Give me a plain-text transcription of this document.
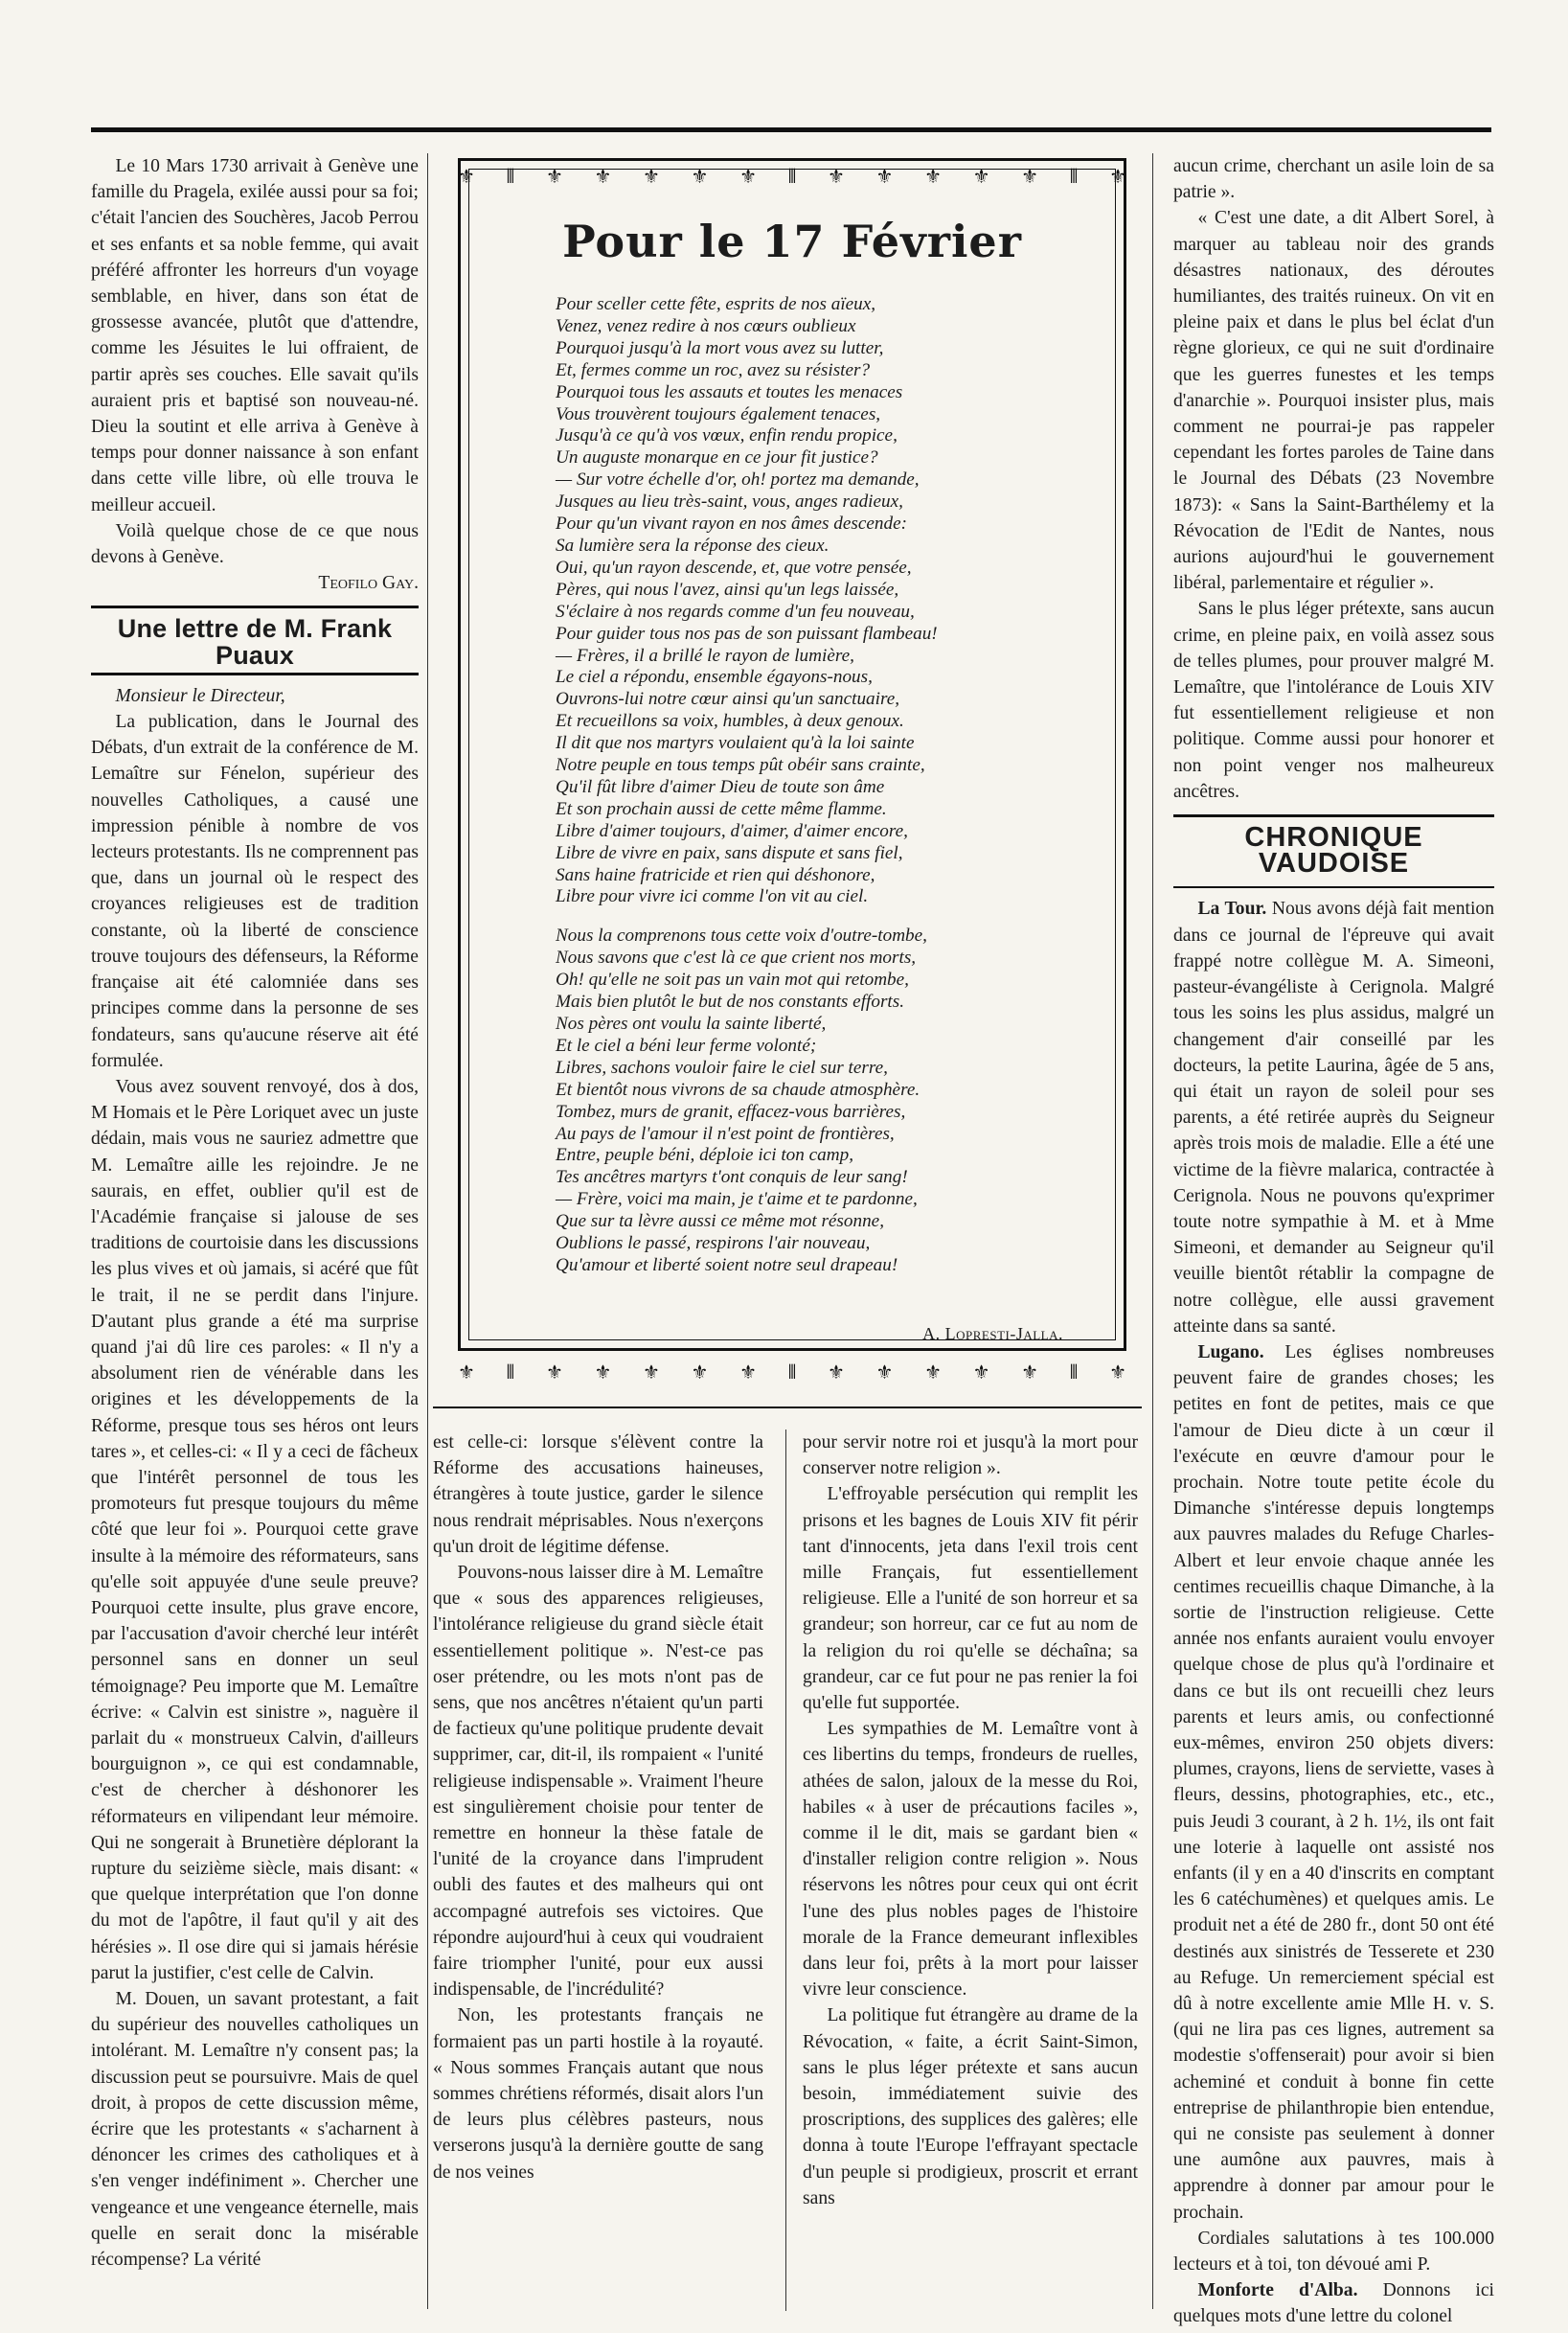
Le 10 Mars 1730 arrivait à Genève une famille du Pragela, exilée aussi pour sa foi; c'était l'ancien des Souchères, Jacob Perrou et ses enfants et sa noble femme, qui avait préféré affronter les horreurs d'un voyage semblable, en hiver, dans son état de grossesse avancée, plutôt que d'attendre, comme les Jésuites le lui offraient, de partir après ses couches. Elle savait qu'ils auraient pris et baptisé son nouveau-né. Dieu la soutint et elle arriva à Genève à temps pour donner naissance à son enfant dans cette ville libre, où elle trouva le meilleur accueil.

Voilà quelque chose de ce que nous devons à Genève.

Teofilo Gay.
Une lettre de M. Frank Puaux

Monsieur le Directeur,

La publication, dans le Journal des Débats, d'un extrait de la conférence de M. Lemaître sur Fénelon, supérieur des nouvelles Catholiques, a causé une impression pénible à nombre de vos lecteurs protestants. Ils ne comprennent pas que, dans un journal où le respect des croyances religieuses est de tradition constante, où la liberté de conscience trouve toujours des défenseurs, la Réforme française ait été calomniée dans ses principes comme dans la personne de ses fondateurs, sans qu'aucune réserve ait été formulée.

Vous avez souvent renvoyé, dos à dos, M Homais et le Père Loriquet avec un juste dédain, mais vous ne sauriez admettre que M. Lemaître aille les rejoindre. Je ne saurais, en effet, oublier qu'il est de l'Académie française si jalouse de ses traditions de courtoisie dans les discussions les plus vives et où jamais, si acéré que fût le trait, il ne se perdit dans l'injure. D'autant plus grande a été ma surprise quand j'ai dû lire ces paroles: « Il n'y a absolument rien de vénérable dans les origines et les développements de la Réforme, presque tous ses héros ont leurs tares », et celles-ci: « Il y a ceci de fâcheux que l'intérêt personnel de tous les promoteurs fut presque toujours du même côté que leur foi ». Pourquoi cette grave insulte à la mémoire des réformateurs, sans qu'elle soit appuyée d'une seule preuve? Pourquoi cette insulte, plus grave encore, par l'accusation d'avoir cherché leur intérêt personnel sans en donner un seul témoignage? Peu importe que M. Lemaître écrive: « Calvin est sinistre », naguère il parlait du « monstrueux Calvin, d'ailleurs bourguignon », ce qui est condamnable, c'est de chercher à déshonorer les réformateurs en vilipendant leur mémoire. Qui ne songerait à Brunetière déplorant la rupture du seizième siècle, mais disant: « que quelque interprétation que l'on donne du mot de l'apôtre, il faut qu'il y ait des hérésies ». Il ose dire qui si jamais hérésie parut la justifier, c'est celle de Calvin.

M. Douen, un savant protestant, a fait du supérieur des nouvelles catholiques un intolérant. M. Lemaître n'y consent pas; la discussion peut se poursuivre. Mais de quel droit, à propos de cette discussion même, écrire que les protestants « s'acharnent à dénoncer les crimes des catholiques et à s'en venger indéfiniment ». Chercher une vengeance et une vengeance éternelle, mais quelle en serait donc la misérable récompense? La vérité

⚜ ⦀ ⚜ ⚜ ⚜ ⚜ ⚜ ⦀ ⚜ ⚜ ⚜ ⚜ ⚜ ⦀ ⚜
Pour le 17 Février
Pour sceller cette fête, esprits de nos aïeux,
Venez, venez redire à nos cœurs oublieux
Pourquoi jusqu'à la mort vous avez su lutter,
Et, fermes comme un roc, avez su résister?
Pourquoi tous les assauts et toutes les menaces
Vous trouvèrent toujours également tenaces,
Jusqu'à ce qu'à vos vœux, enfin rendu propice,
Un auguste monarque en ce jour fit justice?
— Sur votre échelle d'or, oh! portez ma demande,
Jusques au lieu très-saint, vous, anges radieux,
Pour qu'un vivant rayon en nos âmes descende:
Sa lumière sera la réponse des cieux.
Oui, qu'un rayon descende, et, que votre pensée,
Pères, qui nous l'avez, ainsi qu'un legs laissée,
S'éclaire à nos regards comme d'un feu nouveau,
Pour guider tous nos pas de son puissant flambeau!
— Frères, il a brillé le rayon de lumière,
Le ciel a répondu, ensemble égayons-nous,
Ouvrons-lui notre cœur ainsi qu'un sanctuaire,
Et recueillons sa voix, humbles, à deux genoux.
Il dit que nos martyrs voulaient qu'à la loi sainte
Notre peuple en tous temps pût obéir sans crainte,
Qu'il fût libre d'aimer Dieu de toute son âme
Et son prochain aussi de cette même flamme.
Libre d'aimer toujours, d'aimer, d'aimer encore,
Libre de vivre en paix, sans dispute et sans fiel,
Sans haine fratricide et rien qui déshonore,
Libre pour vivre ici comme l'on vit au ciel.
Nous la comprenons tous cette voix d'outre-tombe,
Nous savons que c'est là ce que crient nos morts,
Oh! qu'elle ne soit pas un vain mot qui retombe,
Mais bien plutôt le but de nos constants efforts.
Nos pères ont voulu la sainte liberté,
Et le ciel a béni leur ferme volonté;
Libres, sachons vouloir faire le ciel sur terre,
Et bientôt nous vivrons de sa chaude atmosphère.
Tombez, murs de granit, effacez-vous barrières,
Au pays de l'amour il n'est point de frontières,
Entre, peuple béni, déploie ici ton camp,
Tes ancêtres martyrs t'ont conquis de leur sang!
— Frère, voici ma main, je t'aime et te pardonne,
Que sur ta lèvre aussi ce même mot résonne,
Oublions le passé, respirons l'air nouveau,
Qu'amour et liberté soient notre seul drapeau!
A. Lopresti-Jalla.
⚜ ⦀ ⚜ ⚜ ⚜ ⚜ ⚜ ⦀ ⚜ ⚜ ⚜ ⚜ ⚜ ⦀ ⚜

est celle-ci: lorsque s'élèvent contre la Réforme des accusations haineuses, étrangères à toute justice, garder le silence nous rendrait méprisables. Nous n'exerçons qu'un droit de légitime défense.

Pouvons-nous laisser dire à M. Lemaître que « sous des apparences religieuses, l'intolérance religieuse du grand siècle était essentiellement politique ». N'est-ce pas oser prétendre, ou les mots n'ont pas de sens, que nos ancêtres n'étaient qu'un parti de factieux qu'une politique prudente devait supprimer, car, dit-il, ils rompaient « l'unité religieuse indispensable ». Vraiment l'heure est singulièrement choisie pour tenter de remettre en honneur la thèse fatale de l'unité de la croyance dans l'imprudent oubli des fautes et des malheurs qui ont accompagné autrefois ses victoires. Que répondre aujourd'hui à ceux qui voudraient faire triompher l'unité, pour eux aussi indispensable, de l'incrédulité?

Non, les protestants français ne formaient pas un parti hostile à la royauté. « Nous sommes Français autant que nous sommes chrétiens réformés, disait alors l'un de leurs plus célèbres pasteurs, nous verserons jusqu'à la dernière goutte de sang de nos veines

pour servir notre roi et jusqu'à la mort pour conserver notre religion ».

L'effroyable persécution qui remplit les prisons et les bagnes de Louis XIV fit périr tant d'innocents, jeta dans l'exil trois cent mille Français, fut essentiellement religieuse. Elle a l'unité de son horreur et sa grandeur; son horreur, car ce fut au nom de la religion du roi qu'elle se déchaîna; sa grandeur, car ce fut pour ne pas renier la foi qu'elle fut supportée.

Les sympathies de M. Lemaître vont à ces libertins du temps, frondeurs de ruelles, athées de salon, jaloux de la messe du Roi, habiles « à user de précautions faciles », comme il le dit, mais se gardant bien « d'installer religion contre religion ». Nous réservons les nôtres pour ceux qui ont écrit l'une des plus nobles pages de l'histoire morale de la France demeurant inflexibles dans leur foi, prêts à la mort pour laisser vivre leur conscience.

La politique fut étrangère au drame de la Révocation, « faite, a écrit Saint-Simon, sans le plus léger prétexte et sans aucun besoin, immédiatement suivie des proscriptions, des supplices des galères; elle donna à toute l'Europe l'effrayant spectacle d'un peuple si prodigieux, proscrit et errant sans

aucun crime, cherchant un asile loin de sa patrie ».

« C'est une date, a dit Albert Sorel, à marquer au tableau noir des grands désastres nationaux, des déroutes humiliantes, des traités ruineux. On vit en pleine paix et dans le plus bel éclat d'un règne glorieux, ce qui ne suit d'ordinaire que les guerres funestes et les temps d'anarchie ». Pourquoi insister plus, mais comment ne pourrai-je pas rappeler cependant les fortes paroles de Taine dans le Journal des Débats (23 Novembre 1873): « Sans la Saint-Barthélemy et la Révocation de l'Edit de Nantes, nous aurions aujourd'hui le gouvernement libéral, parlementaire et régulier ».

Sans le plus léger prétexte, sans aucun crime, en pleine paix, en voilà assez sous de telles plumes, pour prouver malgré M. Lemaître, que l'intolérance de Louis XIV fut essentiellement religieuse et non politique. Comme aussi pour honorer et non point venger nos malheureux ancêtres.

CHRONIQUE VAUDOISE

La Tour. Nous avons déjà fait mention dans ce journal de l'épreuve qui avait frappé notre collègue M. A. Simeoni, pasteur-évangéliste à Cerignola. Malgré tous les soins les plus assidus, malgré un changement d'air conseillé par les docteurs, la petite Laurina, âgée de 5 ans, qui était un rayon de soleil pour ses parents, a été retirée auprès du Seigneur après trois mois de maladie. Elle a été une victime de la fièvre malarica, contractée à Cerignola. Nous ne pouvons qu'exprimer toute notre sympathie à M. et à Mme Simeoni, et demander au Seigneur qu'il veuille bientôt rétablir la compagne de notre collègue, elle aussi gravement atteinte dans sa santé.

Lugano. Les églises nombreuses peuvent faire de grandes choses; les petites en font de petites, mais ce que l'amour de Dieu dicte à un cœur il l'exécute en œuvre d'amour pour le prochain. Notre toute petite école du Dimanche s'intéresse depuis longtemps aux pauvres malades du Refuge Charles-Albert et leur envoie chaque année les centimes recueillis chaque Dimanche, à la sortie de l'instruction religieuse. Cette année nos enfants auraient voulu envoyer quelque chose de plus qu'à l'ordinaire et dans ce but ils ont recueilli chez leurs parents et leurs amis, ou confectionné eux-mêmes, environ 250 objets divers: plumes, crayons, liens de serviette, vases à fleurs, dessins, photographies, etc., etc., puis Jeudi 3 courant, à 2 h. 1½, ils ont fait une loterie à laquelle ont assisté nos enfants (il y en a 40 d'inscrits en comptant les 6 catéchumènes) et quelques amis. Le produit net a été de 280 fr., dont 50 ont été destinés aux sinistrés de Tesserete et 230 au Refuge. Un remerciement spécial est dû à notre excellente amie Mlle H. v. S. (qui ne lira pas ces lignes, autrement sa modestie s'offenserait) pour avoir si bien acheminé et conduit à bonne fin cette entreprise de philanthropie bien entendue, qui ne consiste pas seulement à donner une aumône aux pauvres, mais à apprendre à donner par amour pour le prochain.

Cordiales salutations à tes 100.000 lecteurs et à toi, ton dévoué ami P.

Monforte d'Alba. Donnons ici quelques mots d'une lettre du colonel
